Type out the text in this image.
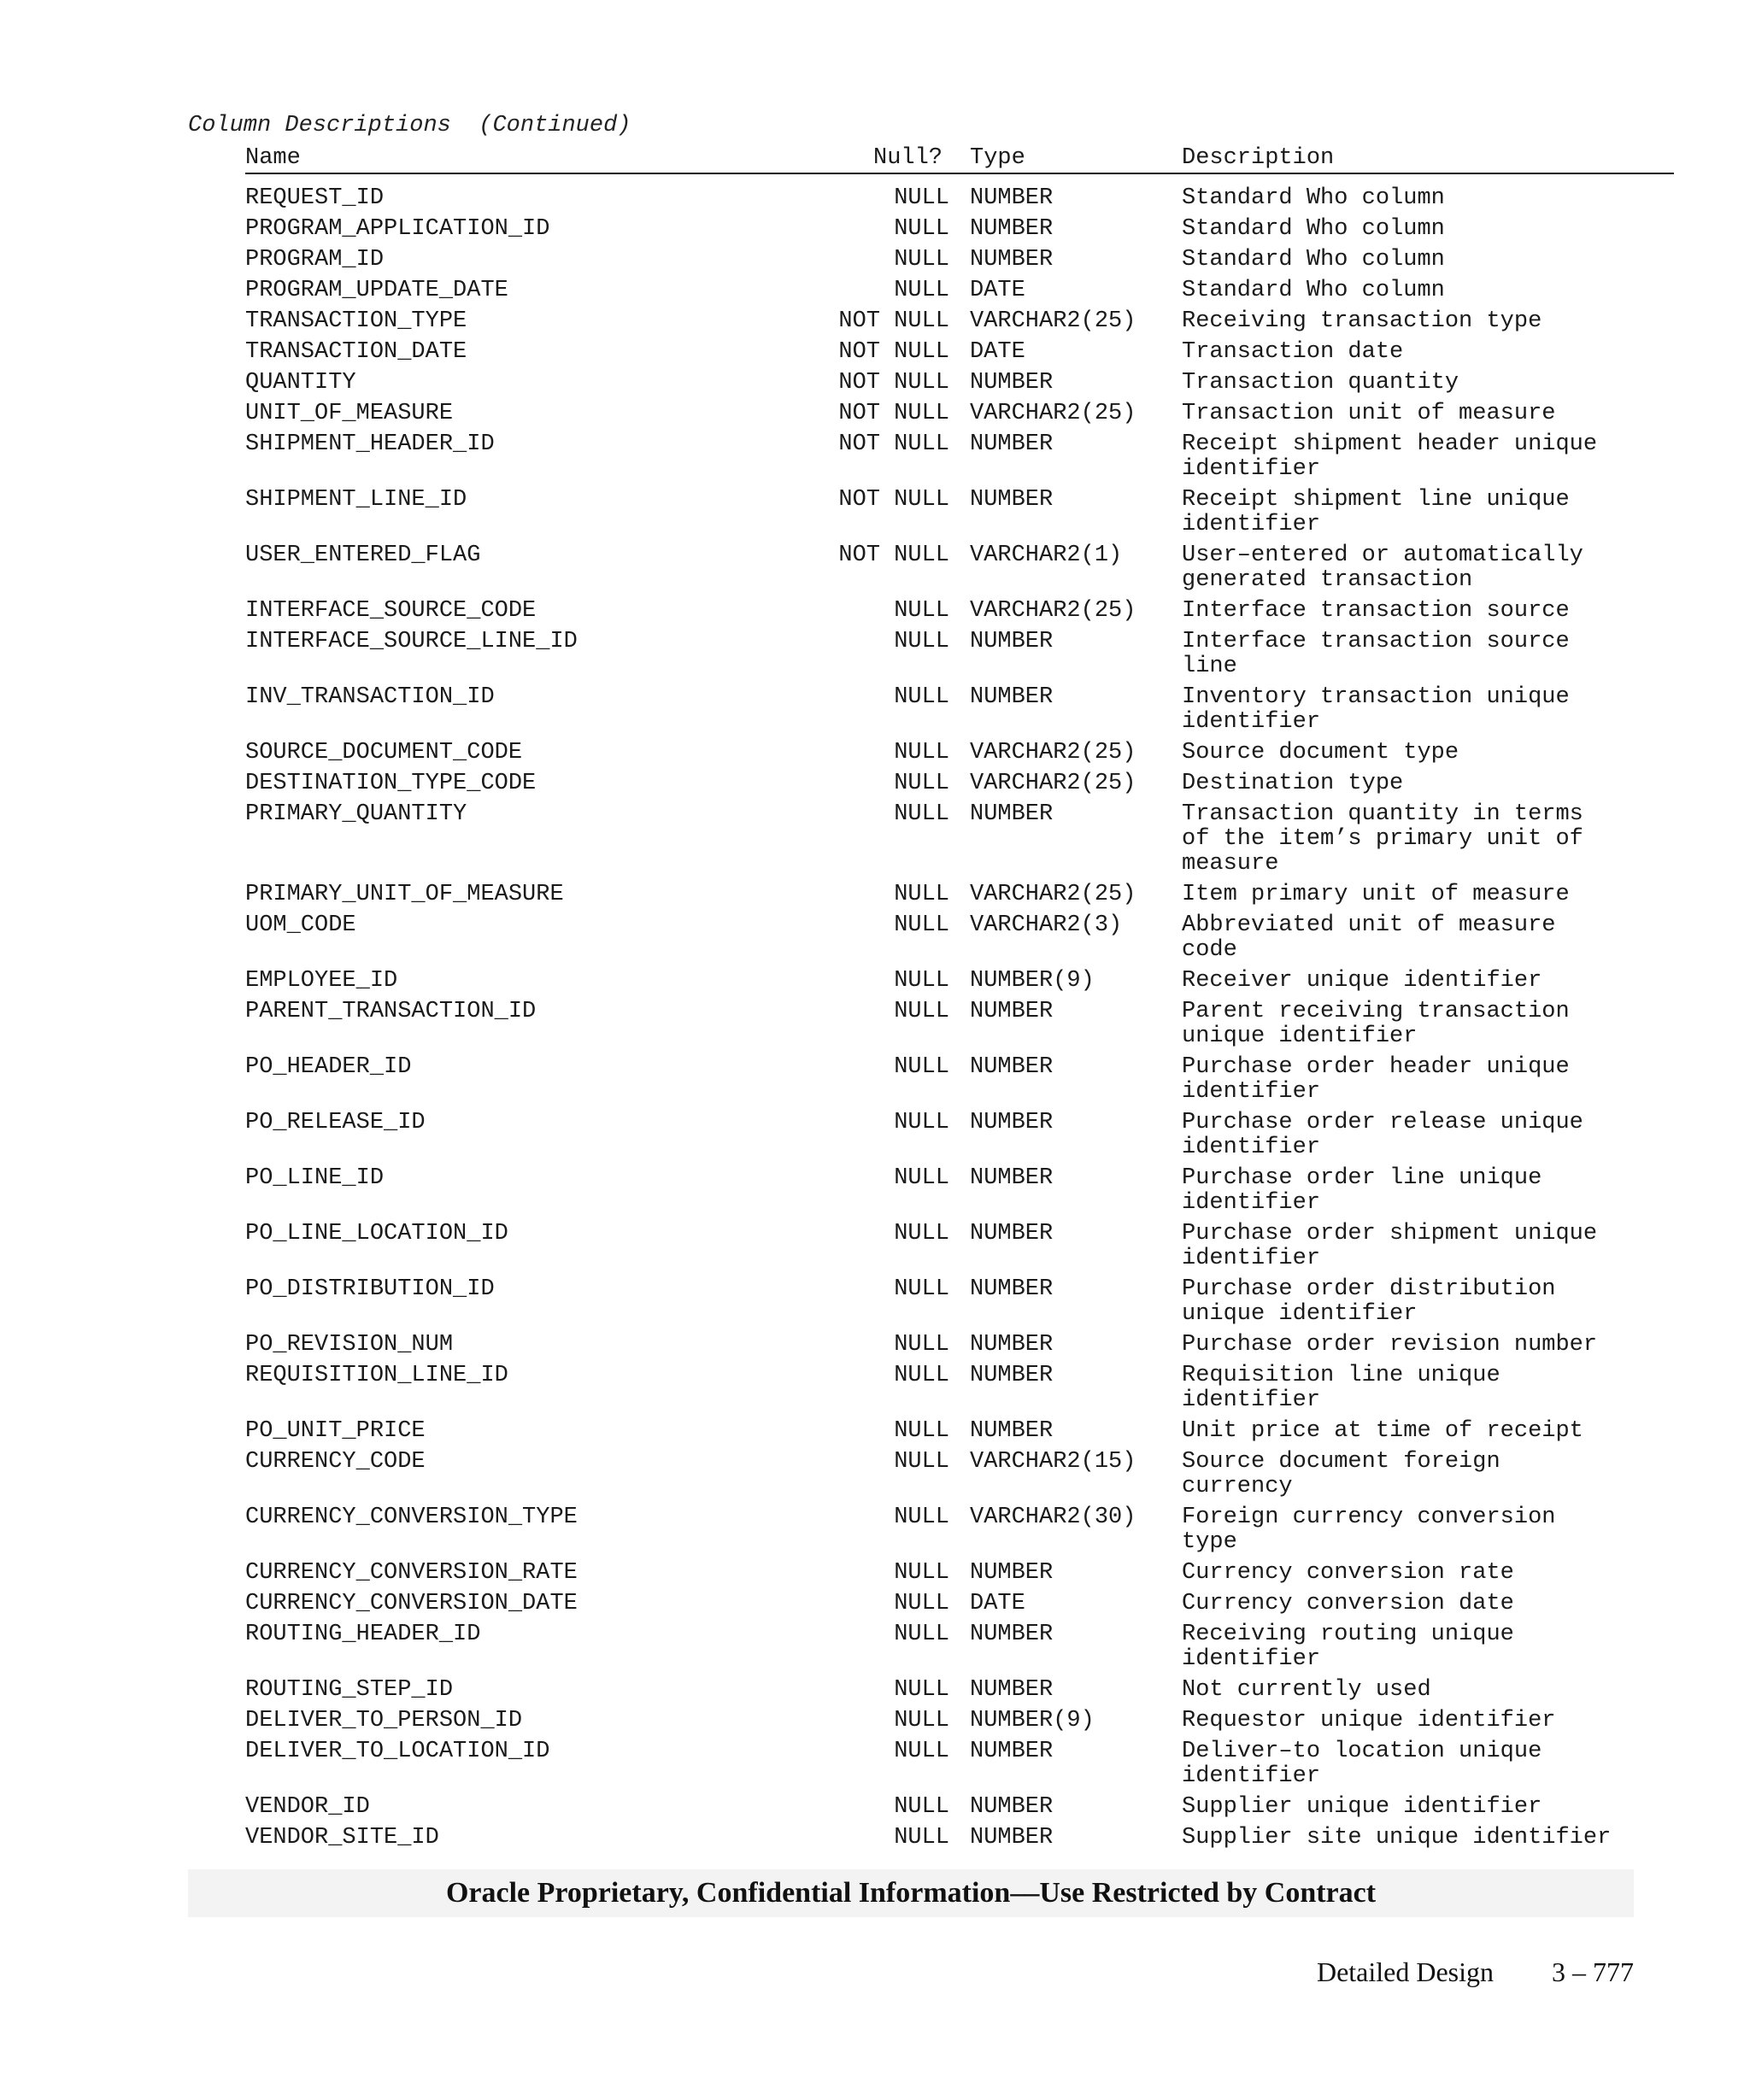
Column Descriptions  (Continued)
Name	Null? Type	Description
REQUEST_ID	NULL NUMBER	Standard Who column
PROGRAM_APPLICATION_ID	NULL NUMBER	Standard Who column
PROGRAM_ID	NULL NUMBER	Standard Who column
PROGRAM_UPDATE_DATE	NULL DATE	Standard Who column
TRANSACTION_TYPE	NOT NULL VARCHAR2(25) Receiving transaction type
TRANSACTION_DATE	NOT NULL DATE	Transaction date
QUANTITY	NOT NULL NUMBER	Transaction quantity
UNIT_OF_MEASURE	NOT NULL VARCHAR2(25) Transaction unit of measure
SHIPMENT_HEADER_ID	NOT NULL NUMBER	Receipt shipment header unique
identifier
SHIPMENT_LINE_ID	NOT NULL NUMBER	Receipt shipment line unique
identifier
USER_ENTERED_FLAG	NOT NULL VARCHAR2(1)	User–entered or automatically
generated transaction
INTERFACE_SOURCE_CODE	NULL VARCHAR2(25) Interface transaction source
INTERFACE_SOURCE_LINE_ID	NULL NUMBER	Interface transaction source
line
INV_TRANSACTION_ID	NULL NUMBER	Inventory transaction unique
identifier
SOURCE_DOCUMENT_CODE	NULL VARCHAR2(25) Source document type
DESTINATION_TYPE_CODE	NULL VARCHAR2(25) Destination type
PRIMARY_QUANTITY	NULL NUMBER	Transaction quantity in terms
of the item’s primary unit of
measure
PRIMARY_UNIT_OF_MEASURE	NULL VARCHAR2(25) Item primary unit of measure
UOM_CODE	NULL VARCHAR2(3)	Abbreviated unit of measure
code
EMPLOYEE_ID	NULL NUMBER(9)	Receiver unique identifier
PARENT_TRANSACTION_ID	NULL NUMBER	Parent receiving transaction
unique identifier
PO_HEADER_ID	NULL NUMBER	Purchase order header unique
identifier
PO_RELEASE_ID	NULL NUMBER	Purchase order release unique
identifier
PO_LINE_ID	NULL NUMBER	Purchase order line unique
identifier
PO_LINE_LOCATION_ID	NULL NUMBER	Purchase order shipment unique
identifier
PO_DISTRIBUTION_ID	NULL NUMBER	Purchase order distribution
unique identifier
PO_REVISION_NUM	NULL NUMBER	Purchase order revision number
REQUISITION_LINE_ID	NULL NUMBER	Requisition line unique
identifier
PO_UNIT_PRICE	NULL NUMBER	Unit price at time of receipt
CURRENCY_CODE	NULL VARCHAR2(15) Source document foreign
currency
CURRENCY_CONVERSION_TYPE	NULL VARCHAR2(30) Foreign currency conversion
type
CURRENCY_CONVERSION_RATE	NULL NUMBER	Currency conversion rate
CURRENCY_CONVERSION_DATE	NULL DATE	Currency conversion date
ROUTING_HEADER_ID	NULL NUMBER	Receiving routing unique
identifier
ROUTING_STEP_ID	NULL NUMBER	Not currently used
DELIVER_TO_PERSON_ID	NULL NUMBER(9)	Requestor unique identifier
DELIVER_TO_LOCATION_ID	NULL NUMBER	Deliver–to location unique
identifier
VENDOR_ID	NULL NUMBER	Supplier unique identifier
VENDOR_SITE_ID	NULL NUMBER	Supplier site unique identifier
Oracle Proprietary, Confidential Information––Use Restricted by Contract
Detailed Design 3 – 777
